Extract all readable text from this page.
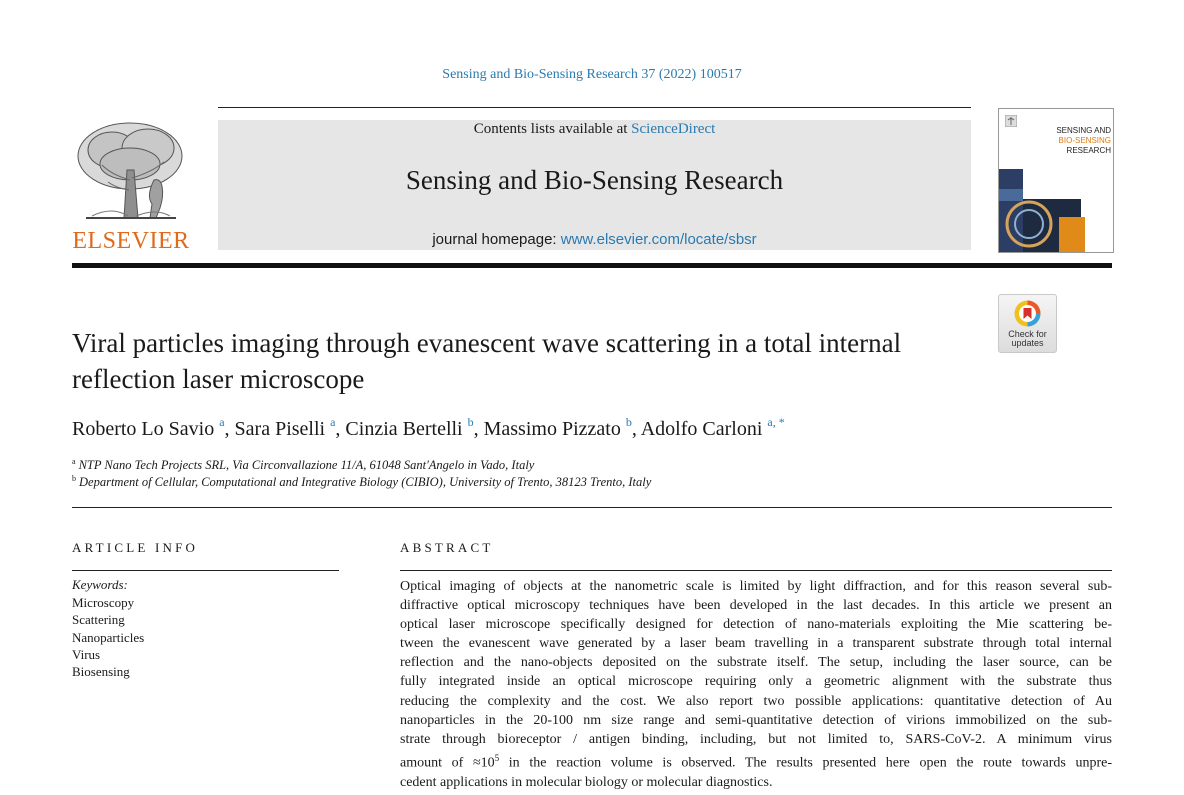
Sensing and Bio-Sensing Research 37 (2022) 100517
Contents lists available at ScienceDirect
Sensing and Bio-Sensing Research
journal homepage: www.elsevier.com/locate/sbsr
ELSEVIER
SENSING AND
BIO-SENSING
RESEARCH
Check for
updates
Viral particles imaging through evanescent wave scattering in a total internal reflection laser microscope
Roberto Lo Savio $^a$, Sara Piselli $^a$, Cinzia Bertelli $^b$, Massimo Pizzato $^b$, Adolfo Carloni $^{a, *}$
$^a$ NTP Nano Tech Projects SRL, Via Circonvallazione 11/A, 61048 Sant'Angelo in Vado, Italy
$^b$ Department of Cellular, Computational and Integrative Biology (CIBIO), University of Trento, 38123 Trento, Italy
ARTICLE INFO
Keywords:
Microscopy
Scattering
Nanoparticles
Virus
Biosensing
ABSTRACT
Optical imaging of objects at the nanometric scale is limited by light diffraction, and for this reason several sub-
diffractive optical microscopy techniques have been developed in the last decades. In this article we present an
optical laser microscope specifically designed for detection of nano-materials exploiting the Mie scattering be-
tween the evanescent wave generated by a laser beam travelling in a transparent substrate through total internal
reflection and the nano-objects deposited on the substrate itself. The setup, including the laser source, can be
fully integrated inside an optical microscope requiring only a geometric alignment with the substrate thus
reducing the complexity and the cost. We also report two possible applications: quantitative detection of Au
nanoparticles in the 20-100 nm size range and semi-quantitative detection of virions immobilized on the sub-
strate through bioreceptor / antigen binding, including, but not limited to, SARS-CoV-2. A minimum virus
amount of $\approx 10^5$ in the reaction volume is observed. The results presented here open the route towards unpre-
cedent applications in molecular biology or molecular diagnostics.
